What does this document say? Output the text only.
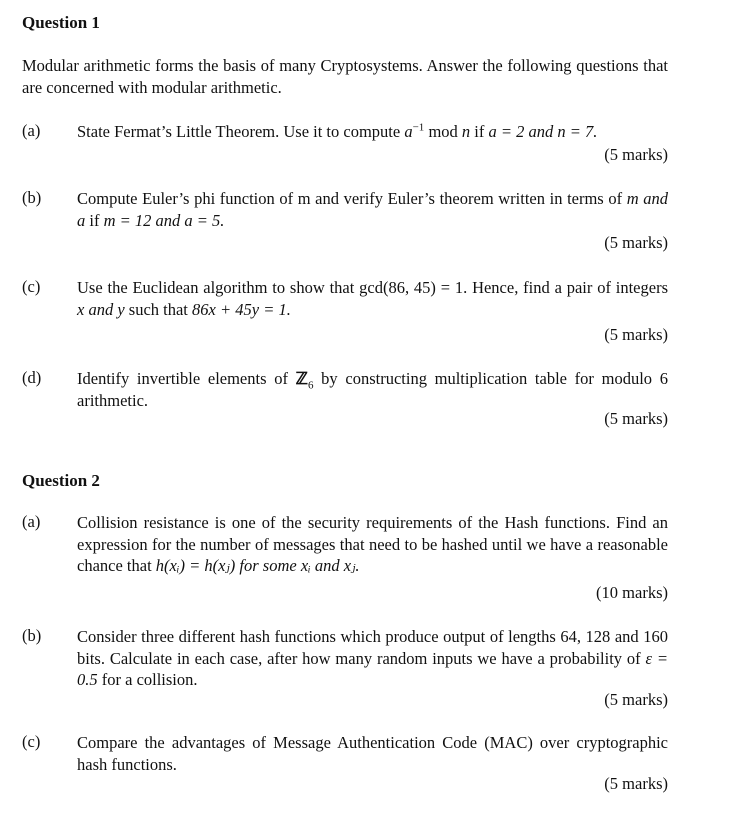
Question 1
Modular arithmetic forms the basis of many Cryptosystems. Answer the following questions that are concerned with modular arithmetic.
(a) State Fermat’s Little Theorem. Use it to compute $a^{-1}$ mod n if a = 2 and n = 7.
(5 marks)
(b) Compute Euler’s phi function of m and verify Euler’s theorem written in terms of m and a if m = 12 and a = 5.
(5 marks)
(c) Use the Euclidean algorithm to show that gcd(86, 45) = 1. Hence, find a pair of integers x and y such that 86x + 45y = 1.
(5 marks)
(d) Identify invertible elements of ℤ$_6$ by constructing multiplication table for modulo 6 arithmetic.
(5 marks)
Question 2
(a) Collision resistance is one of the security requirements of the Hash functions. Find an expression for the number of messages that need to be hashed until we have a reasonable chance that h(xᵢ) = h(xⱼ) for some xᵢ and xⱼ.
(10 marks)
(b) Consider three different hash functions which produce output of lengths 64, 128 and 160 bits. Calculate in each case, after how many random inputs we have a probability of ε = 0.5 for a collision.
(5 marks)
(c) Compare the advantages of Message Authentication Code (MAC) over cryptographic hash functions.
(5 marks)
